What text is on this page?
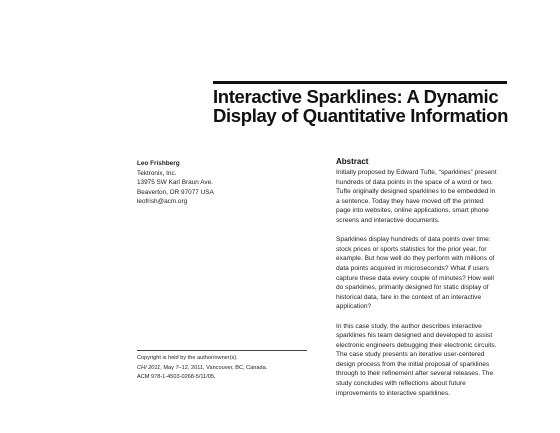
Interactive Sparklines: A Dynamic
Display of Quantitative Information
Leo Frishberg
Tektronix, Inc.
13975 SW Karl Braun Ave.
Beaverton, OR 97077 USA
leofrish@acm.org
Copyright is held by the author/owner(s).
CHI 2011, May 7–12, 2011, Vancouver, BC, Canada.
ACM 978-1-4503-0268-5/11/05.
Abstract

Initially proposed by Edward Tufte, “sparklines” present
hundreds of data points in the space of a word or two.
Tufte originally designed sparklines to be embedded in
a sentence. Today they have moved off the printed
page into websites, online applications, smart phone
screens and interactive documents.

Sparklines display hundreds of data points over time:
stock prices or sports statistics for the prior year, for
example. But how well do they perform with millions of
data points acquired in microseconds? What if users
capture these data every couple of minutes? How well
do sparklines, primarily designed for static display of
historical data, fare in the context of an interactive
application?

In this case study, the author describes interactive
sparklines his team designed and developed to assist
electronic engineers debugging their electronic circuits.
The case study presents an iterative user-centered
design process from the initial proposal of sparklines
through to their refinement after several releases. The
study concludes with reflections about future
improvements to interactive sparklines.
